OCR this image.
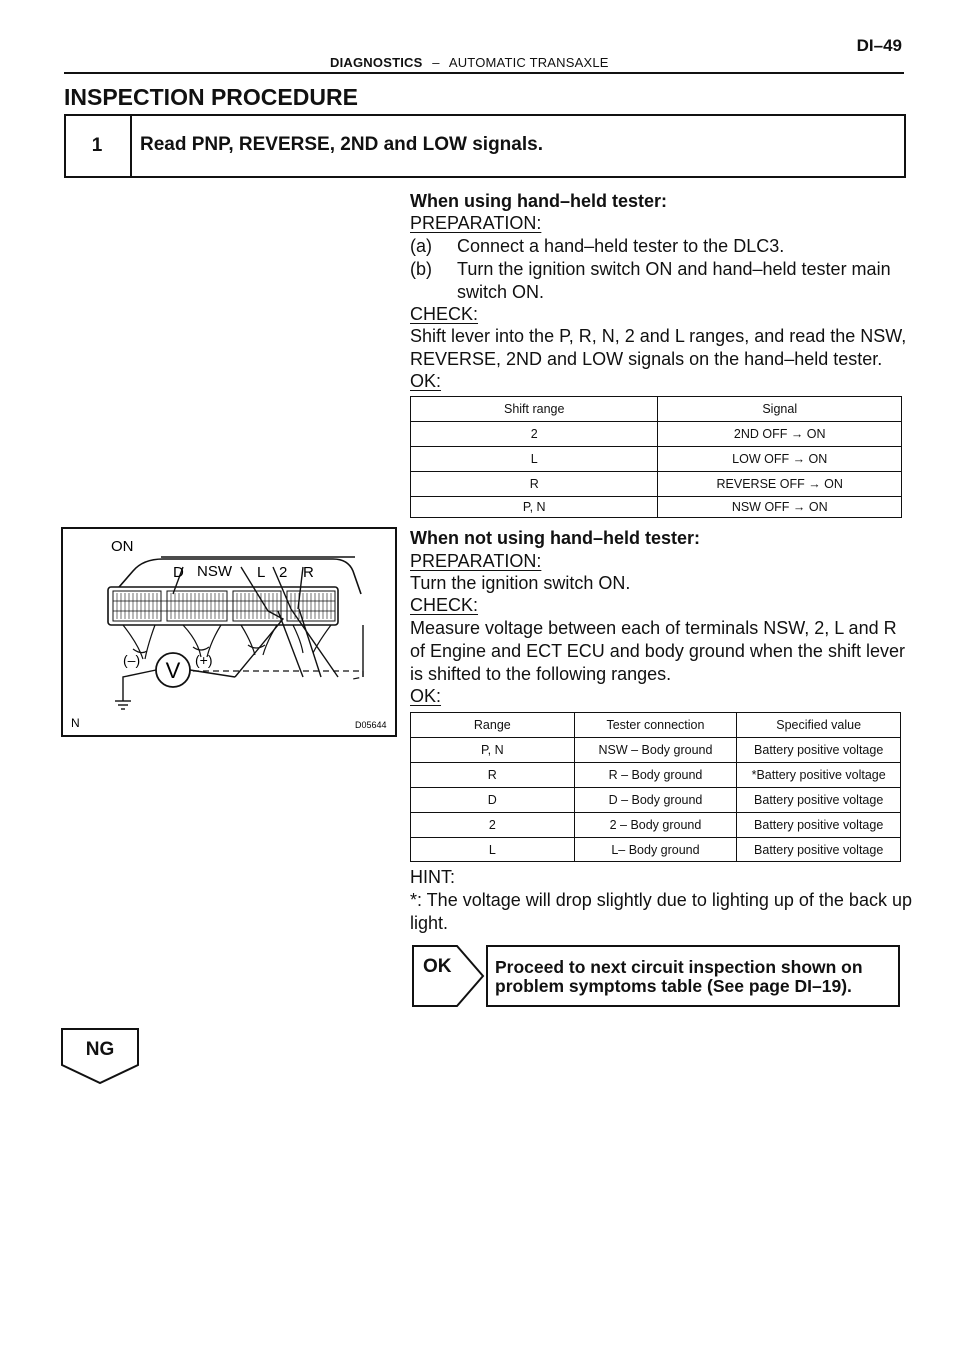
DIAGNOSTICS – AUTOMATIC TRANSAXLE
DI–49
INSPECTION PROCEDURE
1	Read PNP, REVERSE, 2ND and LOW signals.
When using hand–held tester:
PREPARATION:
(a) Connect a hand–held tester to the DLC3.
(b) Turn the ignition switch ON and hand–held tester main
switch ON.
CHECK:
Shift lever into the P, R, N, 2 and L ranges, and read the NSW,
REVERSE, 2ND and LOW signals on the hand–held tester.
OK:
Shift range	Signal
2	2ND OFF → ON
L	LOW OFF → ON
R	REVERSE OFF → ON
P, N	NSW OFF → ON
V
ON
D NSW L 2 R
(–)	(+)
N	D05644
When not using hand–held tester:
PREPARATION:
Turn the ignition switch ON.
CHECK:
Measure voltage between each of terminals NSW, 2, L and R
of Engine and ECT ECU and body ground when the shift lever
is shifted to the following ranges.
OK:
Range	Tester connection	Specified value
P, N	NSW – Body ground	Battery positive voltage
R	R – Body ground	*Battery positive voltage
D	D – Body ground	Battery positive voltage
2	2 – Body ground	Battery positive voltage
L	L– Body ground	Battery positive voltage
HINT:
*: The voltage will drop slightly due to lighting up of the back up
light.
OK Proceed to next circuit inspection shown on
problem symptoms table (See page DI–19).
NG
